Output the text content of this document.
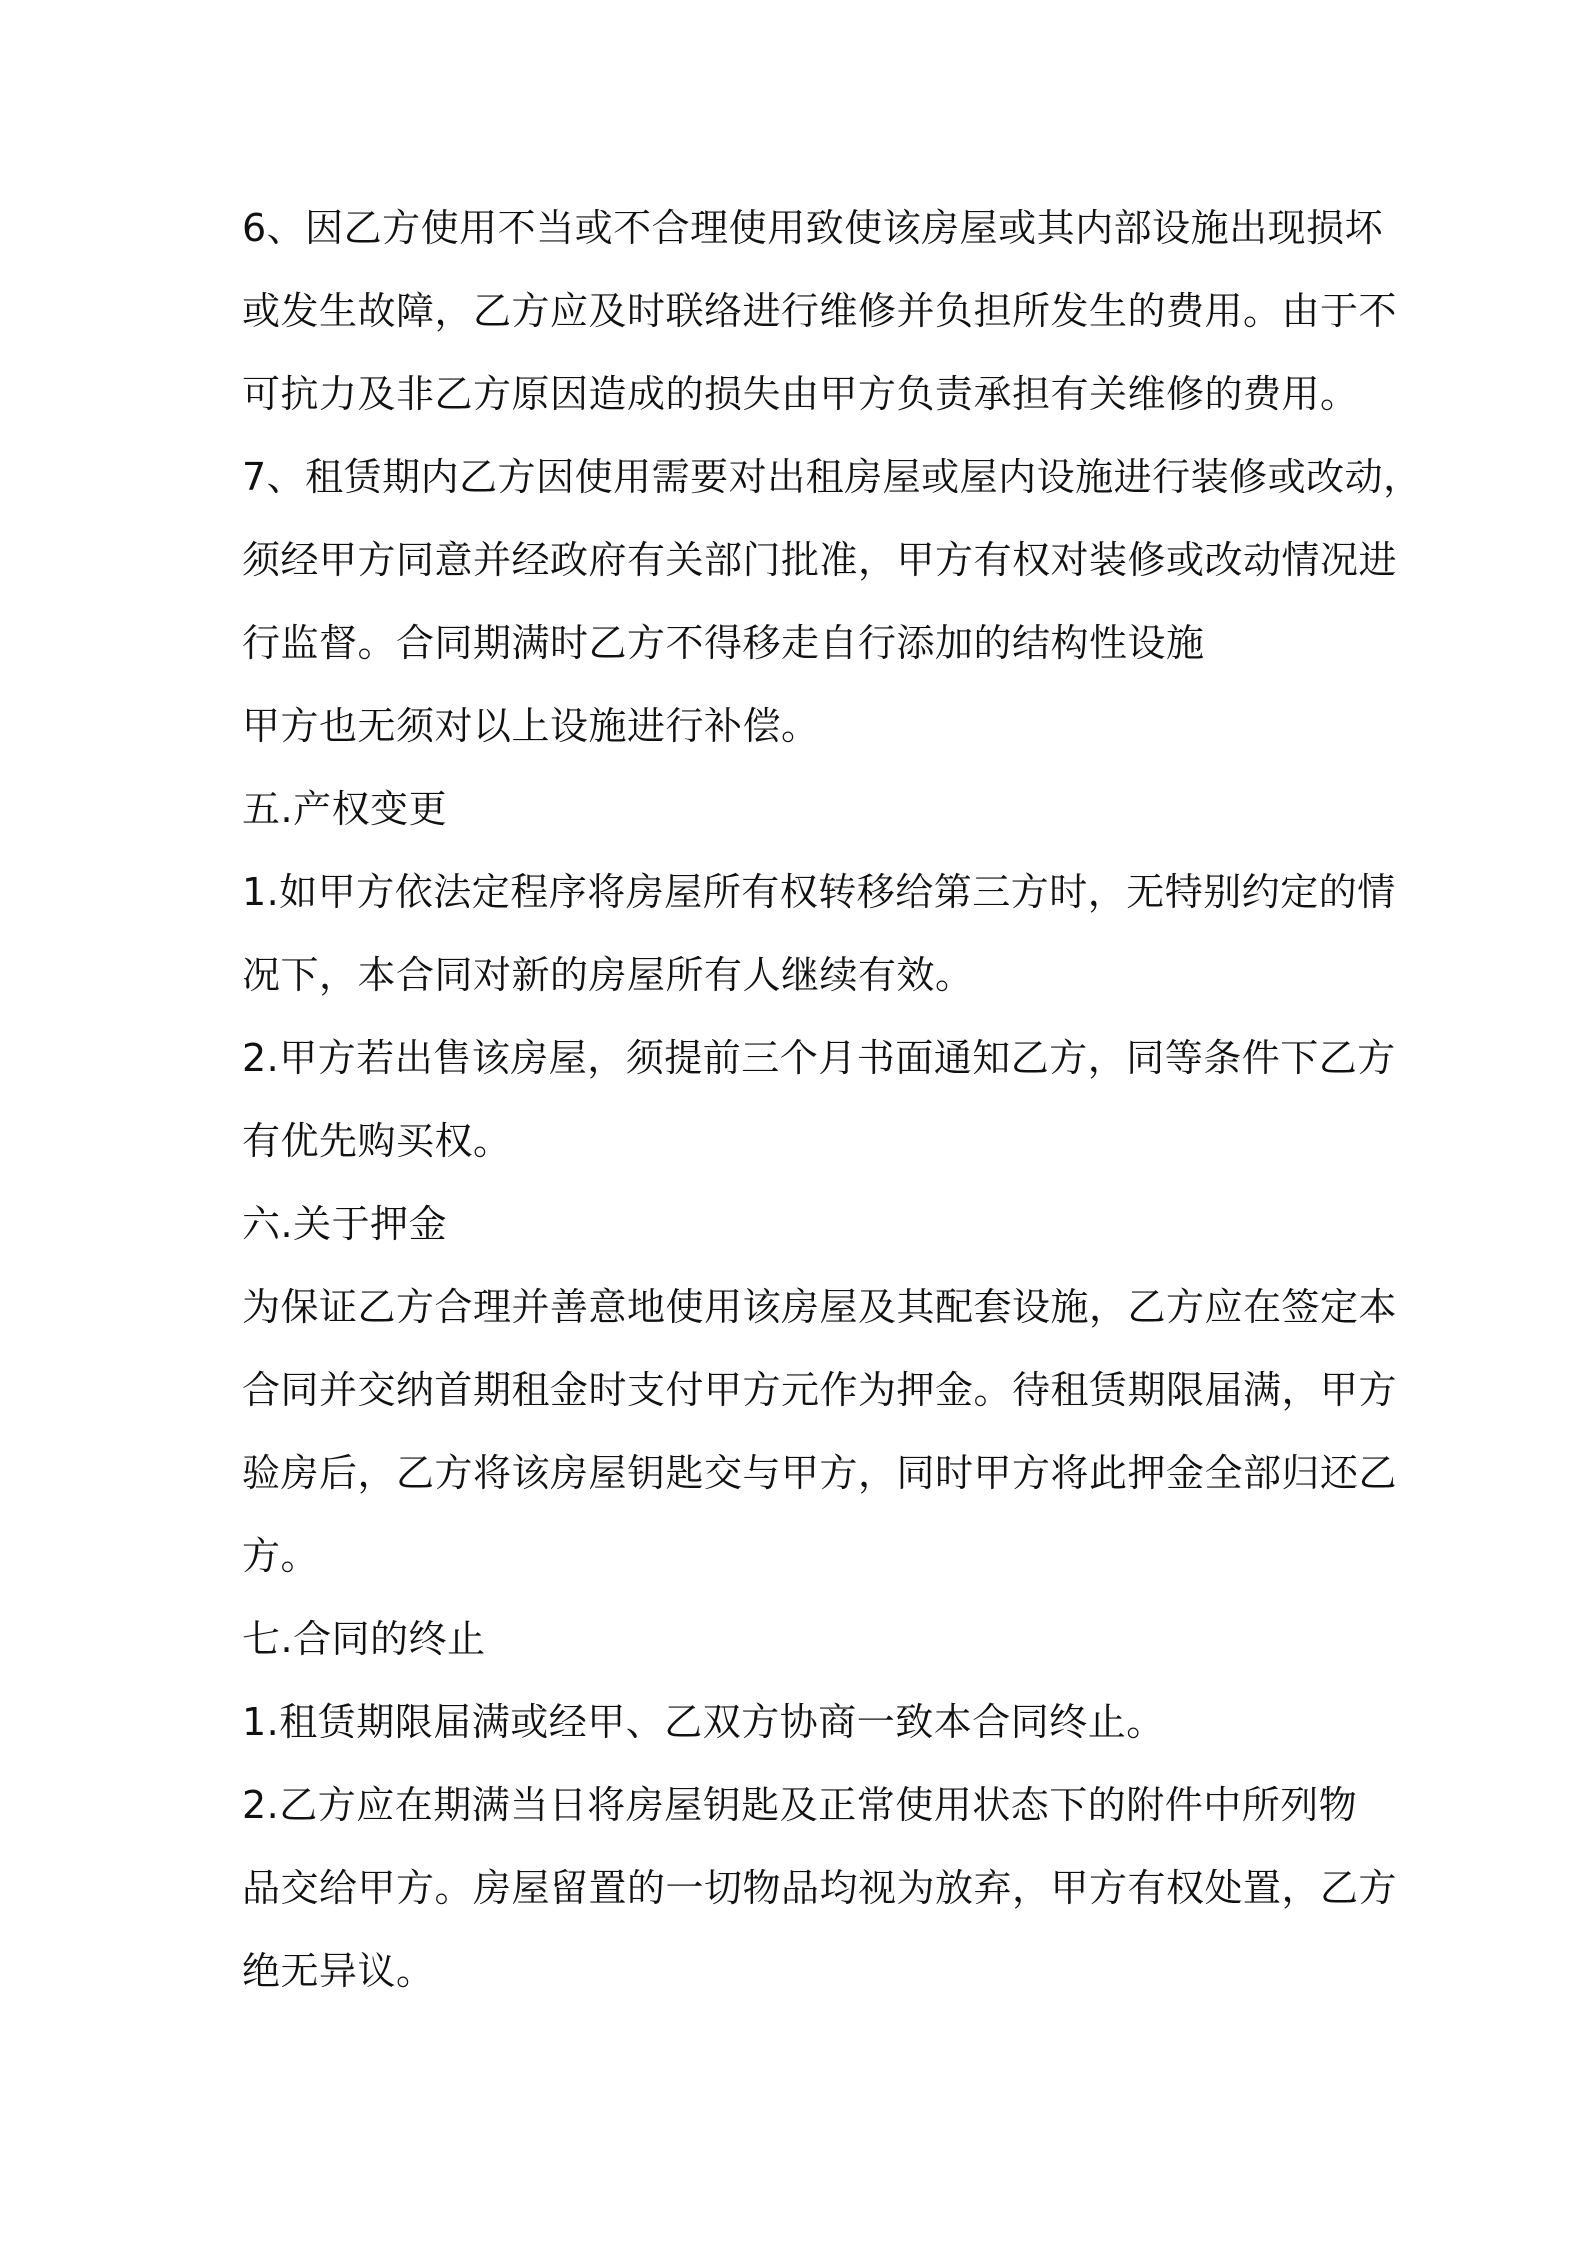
6、因乙方使用不当或不合理使用致使该房屋或其内部设施出现损坏
或发生故障，乙方应及时联络进行维修并负担所发生的费用。由于不
可抗力及非乙方原因造成的损失由甲方负责承担有关维修的费用。
7、租赁期内乙方因使用需要对出租房屋或屋内设施进行装修或改动，
须经甲方同意并经政府有关部门批准，甲方有权对装修或改动情况进
行监督。合同期满时乙方不得移走自行添加的结构性设施
甲方也无须对以上设施进行补偿。
五.产权变更
1.如甲方依法定程序将房屋所有权转移给第三方时，无特别约定的情
况下，本合同对新的房屋所有人继续有效。
2.甲方若出售该房屋，须提前三个月书面通知乙方，同等条件下乙方
有优先购买权。
六.关于押金
为保证乙方合理并善意地使用该房屋及其配套设施，乙方应在签定本
合同并交纳首期租金时支付甲方元作为押金。待租赁期限届满，甲方
验房后，乙方将该房屋钥匙交与甲方，同时甲方将此押金全部归还乙
方。
七.合同的终止
1.租赁期限届满或经甲、乙双方协商一致本合同终止。
2.乙方应在期满当日将房屋钥匙及正常使用状态下的附件中所列物
品交给甲方。房屋留置的一切物品均视为放弃，甲方有权处置，乙方
绝无异议。
